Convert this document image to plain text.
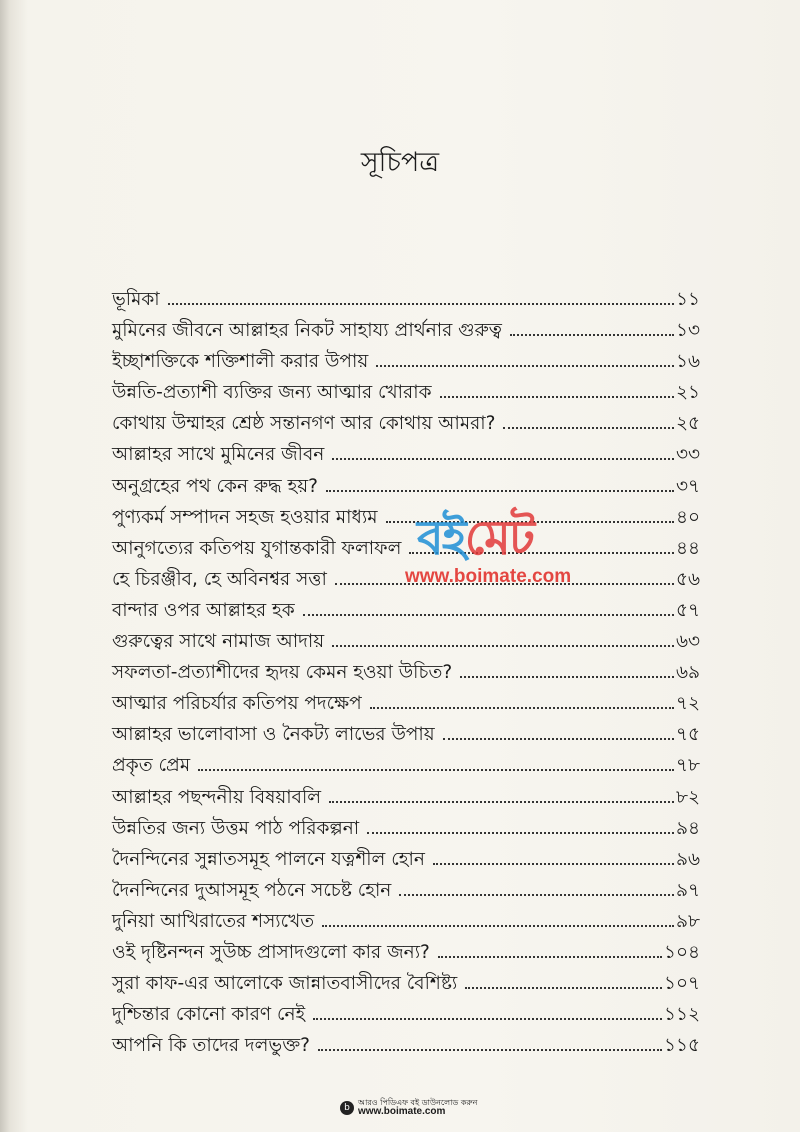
সূচিপত্র
ভূমিকা	১১
মুমিনের জীবনে আল্লাহর নিকট সাহায্য প্রার্থনার গুরুত্ব	১৩
ইচ্ছাশক্তিকে শক্তিশালী করার উপায়	১৬
উন্নতি-প্রত্যাশী ব্যক্তির জন্য আত্মার খোরাক	২১
কোথায় উম্মাহর শ্রেষ্ঠ সন্তানগণ আর কোথায় আমরা?	২৫
আল্লাহর সাথে মুমিনের জীবন	৩৩
অনুগ্রহের পথ কেন রুদ্ধ হয়?	৩৭
পুণ্যকর্ম সম্পাদন সহজ হওয়ার মাধ্যম	৪০
আনুগত্যের কতিপয় যুগান্তকারী ফলাফল	৪৪
হে চিরঞ্জীব, হে অবিনশ্বর সত্তা	৫৬
বান্দার ওপর আল্লাহর হক	৫৭
গুরুত্বের সাথে নামাজ আদায়	৬৩
সফলতা-প্রত্যাশীদের হৃদয় কেমন হওয়া উচিত?	৬৯
আত্মার পরিচর্যার কতিপয় পদক্ষেপ	৭২
আল্লাহর ভালোবাসা ও নৈকট্য লাভের উপায়	৭৫
প্রকৃত প্রেম	৭৮
আল্লাহর পছন্দনীয় বিষয়াবলি	৮২
উন্নতির জন্য উত্তম পাঠ পরিকল্পনা	৯৪
দৈনন্দিনের সুন্নাতসমূহ পালনে যত্নশীল হোন	৯৬
দৈনন্দিনের দুআসমূহ পঠনে সচেষ্ট হোন	৯৭
দুনিয়া আখিরাতের শস্যখেত	৯৮
ওই দৃষ্টিনন্দন সুউচ্চ প্রাসাদগুলো কার জন্য?	১০৪
সুরা কাফ-এর আলোকে জান্নাতবাসীদের বৈশিষ্ট্য	১০৭
দুশ্চিন্তার কোনো কারণ নেই	১১২
আপনি কি তাদের দলভুক্ত?	১১৫
বইমেট
www.boimate.com
b	আরও পিডিএফ বই ডাউনলোড করুন
www.boimate.com
